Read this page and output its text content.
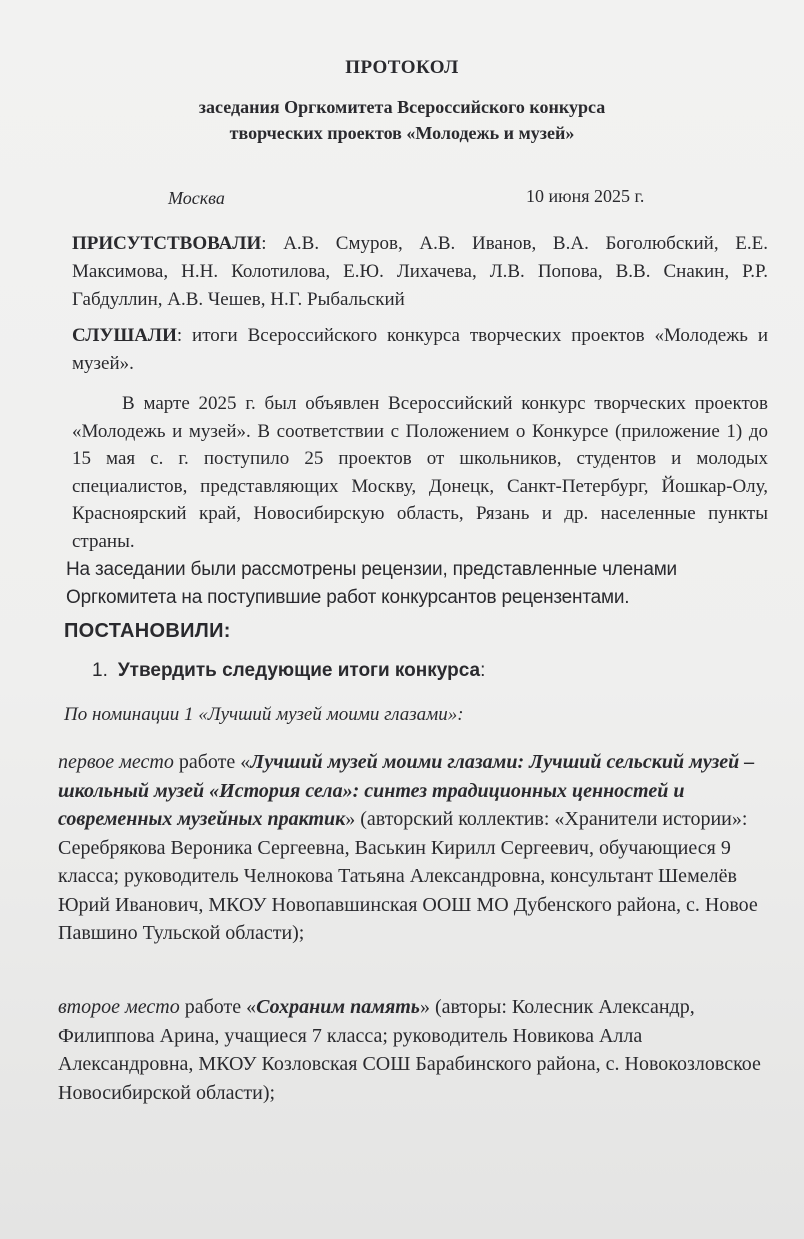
ПРОТОКОЛ
заседания Оргкомитета Всероссийского конкурса
творческих проектов «Молодежь и музей»
Москва	10 июня 2025 г.
ПРИСУТСТВОВАЛИ: А.В. Смуров, А.В. Иванов, В.А. Боголюбский, Е.Е. Максимова, Н.Н. Колотилова, Е.Ю. Лихачева, Л.В. Попова, В.В. Снакин, Р.Р. Габдуллин, А.В. Чешев, Н.Г. Рыбальский
СЛУШАЛИ: итоги Всероссийского конкурса творческих проектов «Молодежь и музей».
В марте 2025 г. был объявлен Всероссийский конкурс творческих проектов «Молодежь и музей». В соответствии с Положением о Конкурсе (приложение 1) до 15 мая с. г. поступило 25 проектов от школьников, студентов и молодых специалистов, представляющих Москву, Донецк, Санкт-Петербург, Йошкар-Олу, Красноярский край, Новосибирскую область, Рязань и др. населенные пункты страны.
На заседании были рассмотрены рецензии, представленные членами Оргкомитета на поступившие работ конкурсантов рецензентами.
ПОСТАНОВИЛИ:
1. Утвердить следующие итоги конкурса:
По номинации 1 «Лучший музей моими глазами»:
первое место работе «Лучший музей моими глазами: Лучший сельский музей – школьный музей «История села»: синтез традиционных ценностей и современных музейных практик» (авторский коллектив: «Хранители истории»: Серебрякова Вероника Сергеевна, Васькин Кирилл Сергеевич, обучающиеся 9 класса; руководитель Челнокова Татьяна Александровна, консультант Шемелёв Юрий Иванович, МКОУ Новопавшинская ООШ МО Дубенского района, с. Новое Павшино Тульской области);
второе место работе «Сохраним память» (авторы: Колесник Александр, Филиппова Арина, учащиеся 7 класса; руководитель Новикова Алла Александровна, МКОУ Козловская СОШ Барабинского района, с. Новокозловское Новосибирской области);
